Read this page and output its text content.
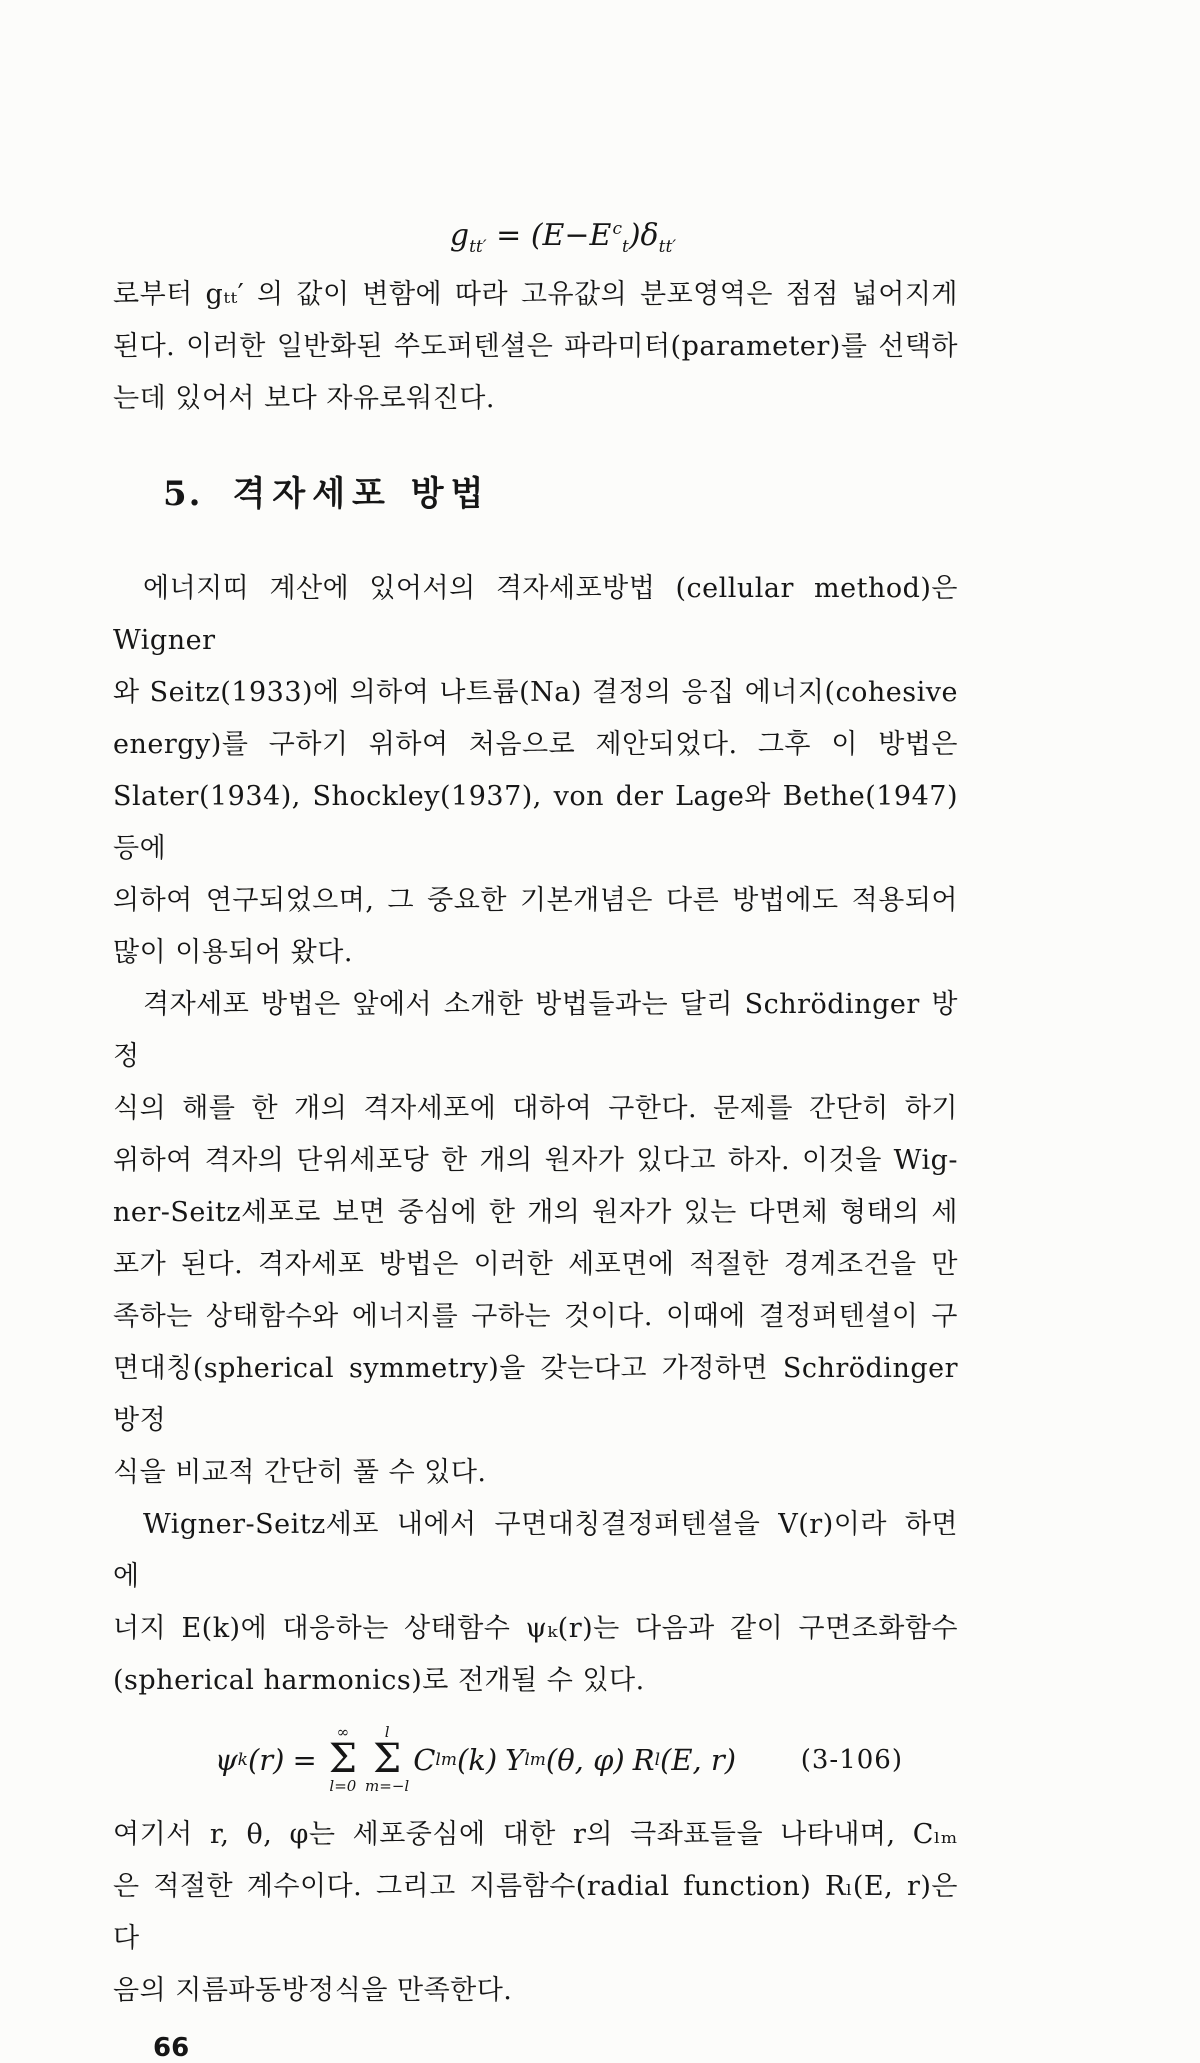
$g_{tt'} = (E-E^c_t)\delta_{tt'}$
로부터 gₜₜ′ 의 값이 변함에 따라 고유값의 분포영역은 점점 넓어지게
된다. 이러한 일반화된 쑤도퍼텐셜은 파라미터(parameter)를 선택하
는데 있어서 보다 자유로워진다.
5. 격자세포 방법
에너지띠 계산에 있어서의 격자세포방법 (cellular method)은 Wigner
와 Seitz(1933)에 의하여 나트륨(Na) 결정의 응집 에너지(cohesive
energy)를 구하기 위하여 처음으로 제안되었다. 그후 이 방법은
Slater(1934), Shockley(1937), von der Lage와 Bethe(1947) 등에
의하여 연구되었으며, 그 중요한 기본개념은 다른 방법에도 적용되어
많이 이용되어 왔다.
격자세포 방법은 앞에서 소개한 방법들과는 달리 Schrödinger 방정
식의 해를 한 개의 격자세포에 대하여 구한다. 문제를 간단히 하기
위하여 격자의 단위세포당 한 개의 원자가 있다고 하자. 이것을 Wig-
ner-Seitz세포로 보면 중심에 한 개의 원자가 있는 다면체 형태의 세
포가 된다. 격자세포 방법은 이러한 세포면에 적절한 경계조건을 만
족하는 상태함수와 에너지를 구하는 것이다. 이때에 결정퍼텐셜이 구
면대칭(spherical symmetry)을 갖는다고 가정하면 Schrödinger 방정
식을 비교적 간단히 풀 수 있다.
Wigner-Seitz세포 내에서 구면대칭결정퍼텐셜을 V(r)이라 하면 에
너지 E(k)에 대응하는 상태함수 ψₖ(r)는 다음과 같이 구면조화함수
(spherical harmonics)로 전개될 수 있다.
ψ k (r) =
∞
Σ
l=0
l
Σ
m=−l
C lm (k) Y lm (θ, φ) R l (E, r) (3-106)
여기서 r, θ, φ는 세포중심에 대한 r의 극좌표들을 나타내며, Cₗₘ
은 적절한 계수이다. 그리고 지름함수(radial function) Rₗ(E, r)은 다
음의 지름파동방정식을 만족한다.
66
